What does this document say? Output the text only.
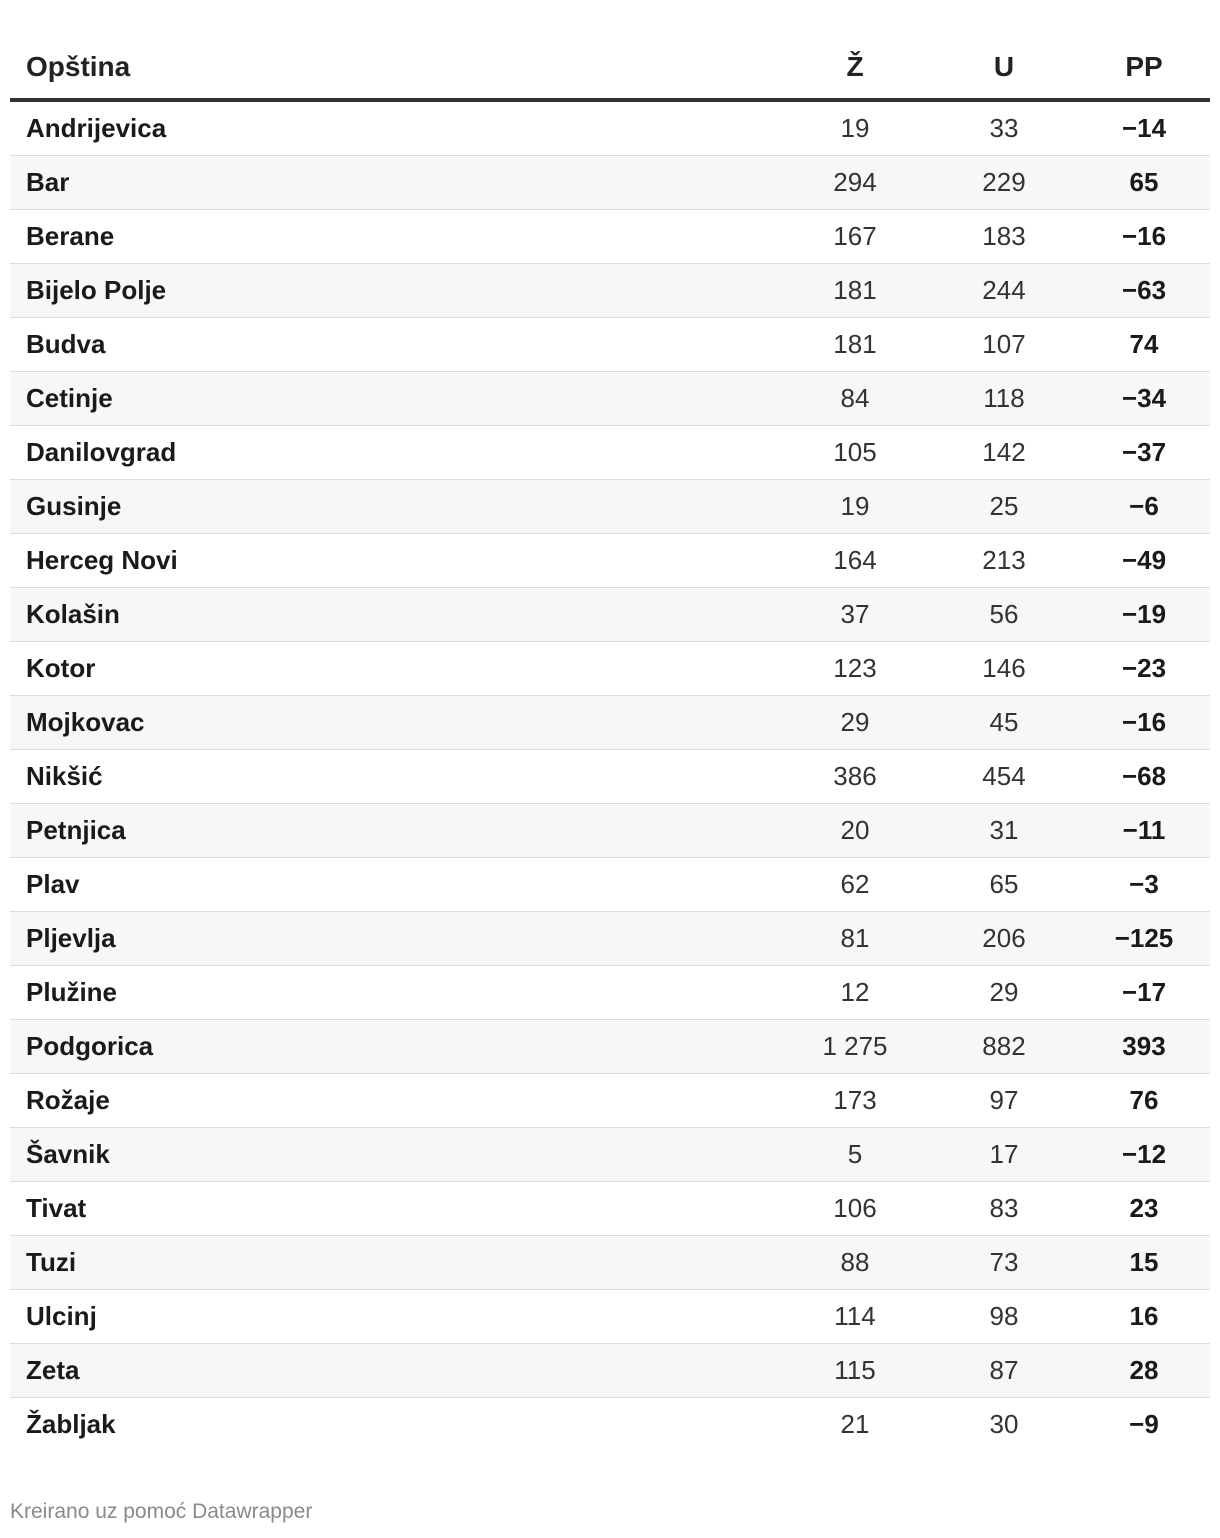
Opština	Ž	U	PP
Andrijevica	19	33	−14
Bar	294	229	65
Berane	167	183	−16
Bijelo Polje	181	244	−63
Budva	181	107	74
Cetinje	84	118	−34
Danilovgrad	105	142	−37
Gusinje	19	25	−6
Herceg Novi	164	213	−49
Kolašin	37	56	−19
Kotor	123	146	−23
Mojkovac	29	45	−16
Nikšić	386	454	−68
Petnjica	20	31	−11
Plav	62	65	−3
Pljevlja	81	206	−125
Plužine	12	29	−17
Podgorica	1 275	882	393
Rožaje	173	97	76
Šavnik	5	17	−12
Tivat	106	83	23
Tuzi	88	73	15
Ulcinj	114	98	16
Zeta	115	87	28
Žabljak	21	30	−9
Kreirano uz pomoć Datawrapper
